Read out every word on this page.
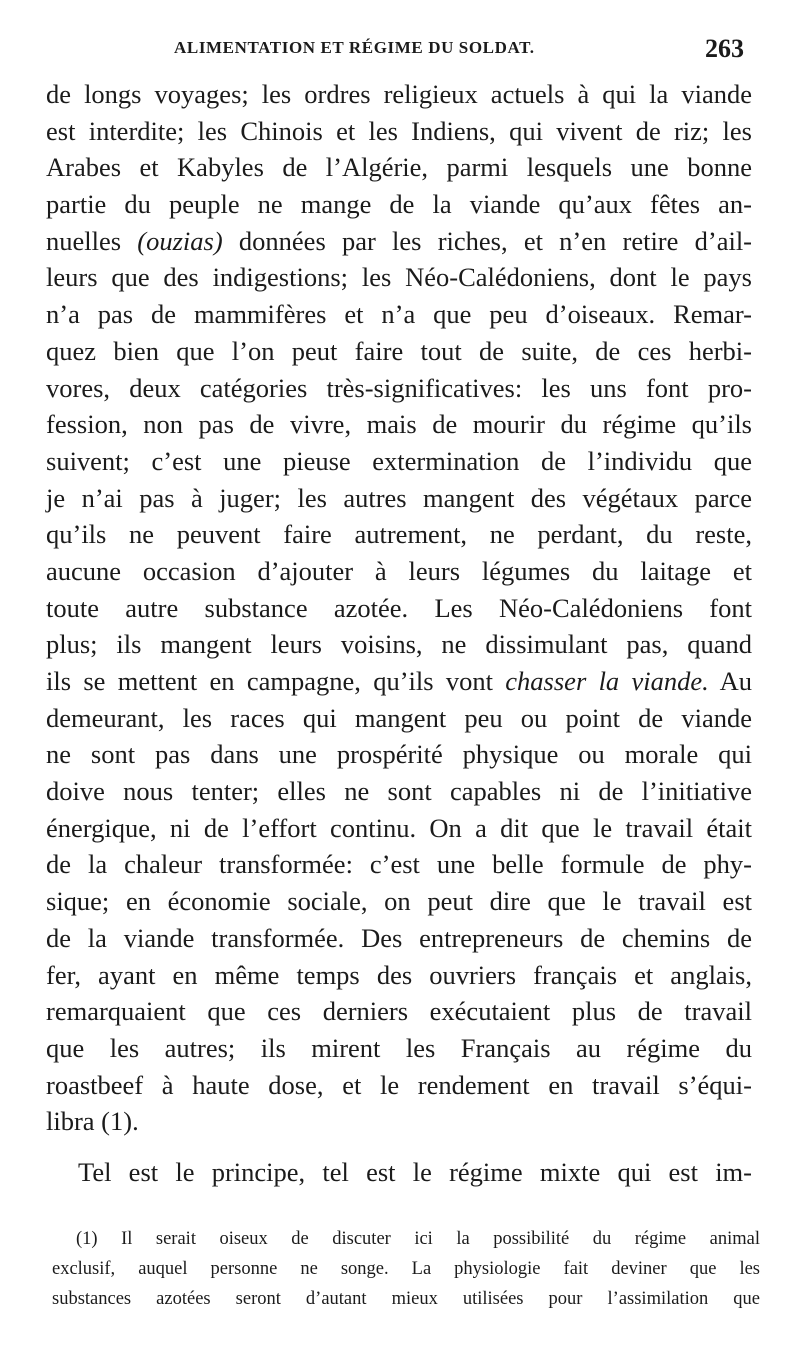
ALIMENTATION ET RÉGIME DU SOLDAT.	263
de longs voyages; les ordres religieux actuels à qui la viande
est interdite; les Chinois et les Indiens, qui vivent de riz; les
Arabes et Kabyles de l’Algérie, parmi lesquels une bonne
partie du peuple ne mange de la viande qu’aux fêtes an-
nuelles (ouzias) données par les riches, et n’en retire d’ail-
leurs que des indigestions; les Néo-Calédoniens, dont le pays
n’a pas de mammifères et n’a que peu d’oiseaux. Remar-
quez bien que l’on peut faire tout de suite, de ces herbi-
vores, deux catégories très-significatives: les uns font pro-
fession, non pas de vivre, mais de mourir du régime qu’ils
suivent; c’est une pieuse extermination de l’individu que
je n’ai pas à juger; les autres mangent des végétaux parce
qu’ils ne peuvent faire autrement, ne perdant, du reste,
aucune occasion d’ajouter à leurs légumes du laitage et
toute autre substance azotée. Les Néo-Calédoniens font
plus; ils mangent leurs voisins, ne dissimulant pas, quand
ils se mettent en campagne, qu’ils vont chasser la viande. Au
demeurant, les races qui mangent peu ou point de viande
ne sont pas dans une prospérité physique ou morale qui
doive nous tenter; elles ne sont capables ni de l’initiative
énergique, ni de l’effort continu. On a dit que le travail était
de la chaleur transformée: c’est une belle formule de phy-
sique; en économie sociale, on peut dire que le travail est
de la viande transformée. Des entrepreneurs de chemins de
fer, ayant en même temps des ouvriers français et anglais,
remarquaient que ces derniers exécutaient plus de travail
que les autres; ils mirent les Français au régime du
roastbeef à haute dose, et le rendement en travail s’équi-
libra (1).
Tel est le principe, tel est le régime mixte qui est im-
(1) Il serait oiseux de discuter ici la possibilité du régime animal
exclusif, auquel personne ne songe. La physiologie fait deviner que les
substances azotées seront d’autant mieux utilisées pour l’assimilation que
